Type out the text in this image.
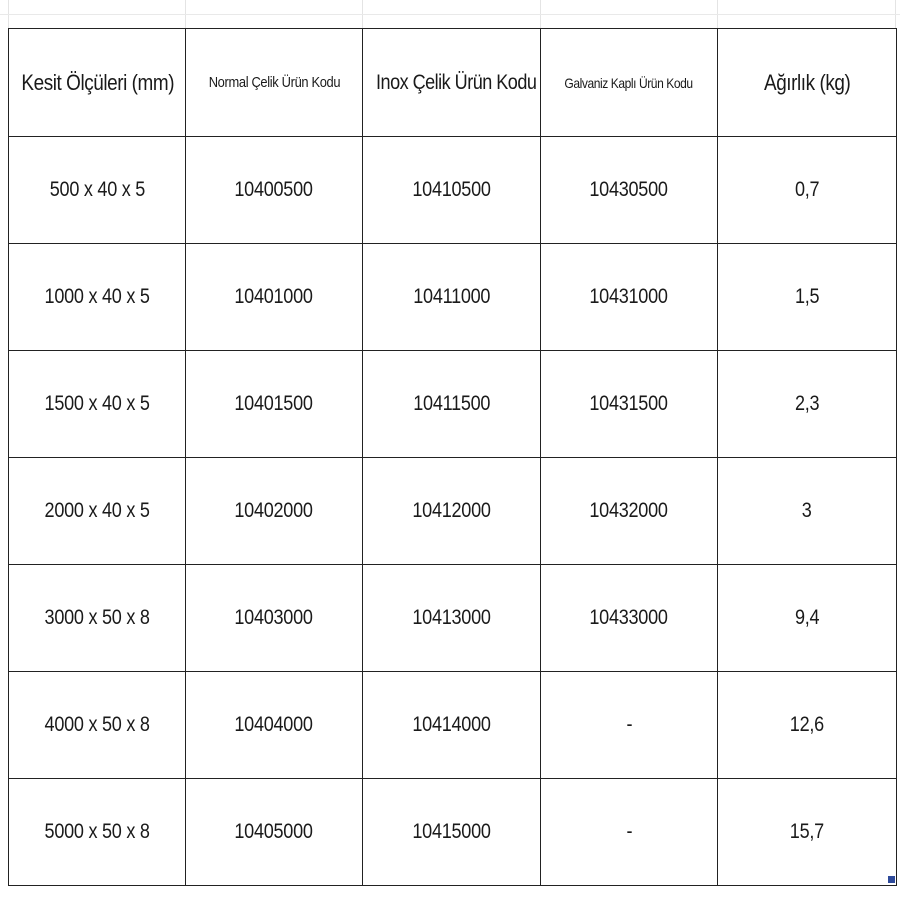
Kesit Ölçüleri (mm)	Normal Çelik Ürün Kodu	Inox Çelik Ürün Kodu	Galvaniz Kaplı Ürün Kodu	Ağırlık (kg)
500 x 40 x 5	10400500	10410500	10430500	0,7
1000 x 40 x 5	10401000	10411000	10431000	1,5
1500 x 40 x 5	10401500	10411500	10431500	2,3
2000 x 40 x 5	10402000	10412000	10432000	3
3000 x 50 x 8	10403000	10413000	10433000	9,4
4000 x 50 x 8	10404000	10414000	-	12,6
5000 x 50 x 8	10405000	10415000	-	15,7
